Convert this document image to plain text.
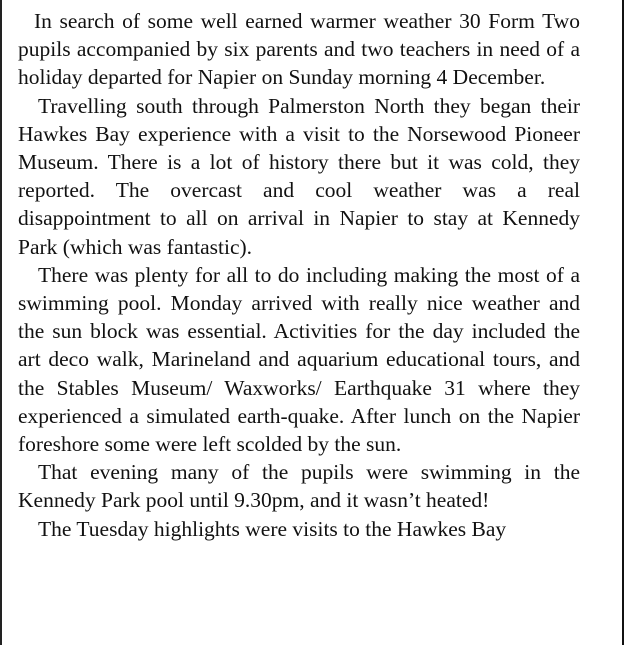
In search of some well earned warmer weather 30 Form Two pupils accompanied by six parents and two teachers in need of a holiday departed for Napier on Sunday morning 4 December.

Travelling south through Palmerston North they began their Hawkes Bay experience with a visit to the Norsewood Pioneer Museum. There is a lot of history there but it was cold, they reported. The overcast and cool weather was a real disappointment to all on arrival in Napier to stay at Kennedy Park (which was fantastic).

There was plenty for all to do including making the most of a swimming pool. Monday arrived with really nice weather and the sun block was essential. Activities for the day included the art deco walk, Marineland and aquarium educational tours, and the Stables Museum/ Waxworks/ Earthquake 31 where they experienced a simulated earth-quake. After lunch on the Napier foreshore some were left scolded by the sun.

That evening many of the pupils were swimming in the Kennedy Park pool until 9.30pm, and it wasn’t heated!

The Tuesday highlights were visits to the Hawkes Bay
